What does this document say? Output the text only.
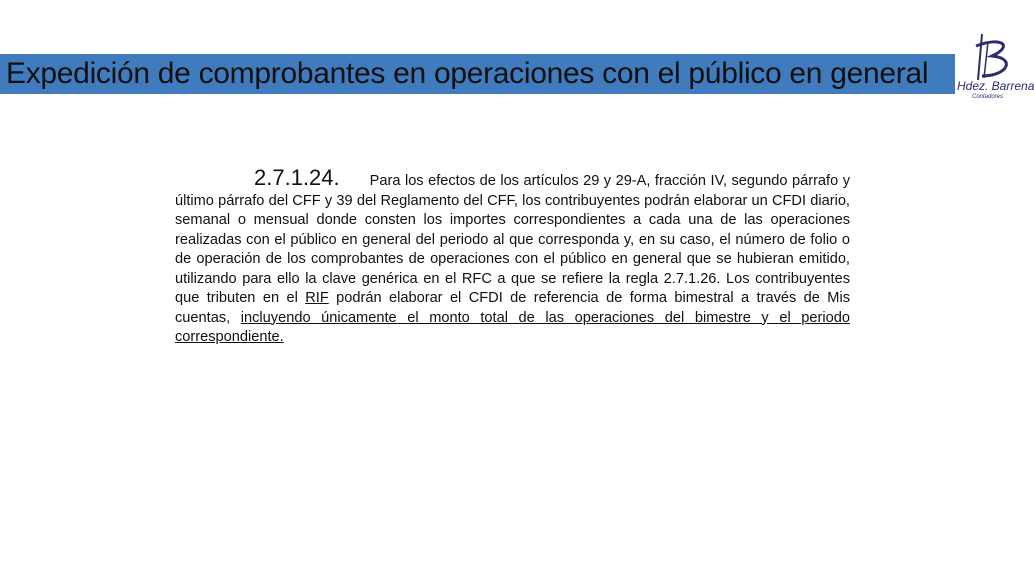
Expedición de comprobantes en operaciones con el público en general Hdez. Barrena
Contadores
2.7.1.24. Para los efectos de los artículos 29 y 29-A, fracción IV, segundo párrafo y último párrafo del CFF y 39 del Reglamento del CFF, los contribuyentes podrán elaborar un CFDI diario, semanal o mensual donde consten los importes correspondientes a cada una de las operaciones realizadas con el público en general del periodo al que corresponda y, en su caso, el número de folio o de operación de los comprobantes de operaciones con el público en general que se hubieran emitido, utilizando para ello la clave genérica en el RFC a que se refiere la regla 2.7.1.26. Los contribuyentes que tributen en el RIF podrán elaborar el CFDI de referencia de forma bimestral a través de Mis cuentas, incluyendo únicamente el monto total de las operaciones del bimestre y el periodo correspondiente.
